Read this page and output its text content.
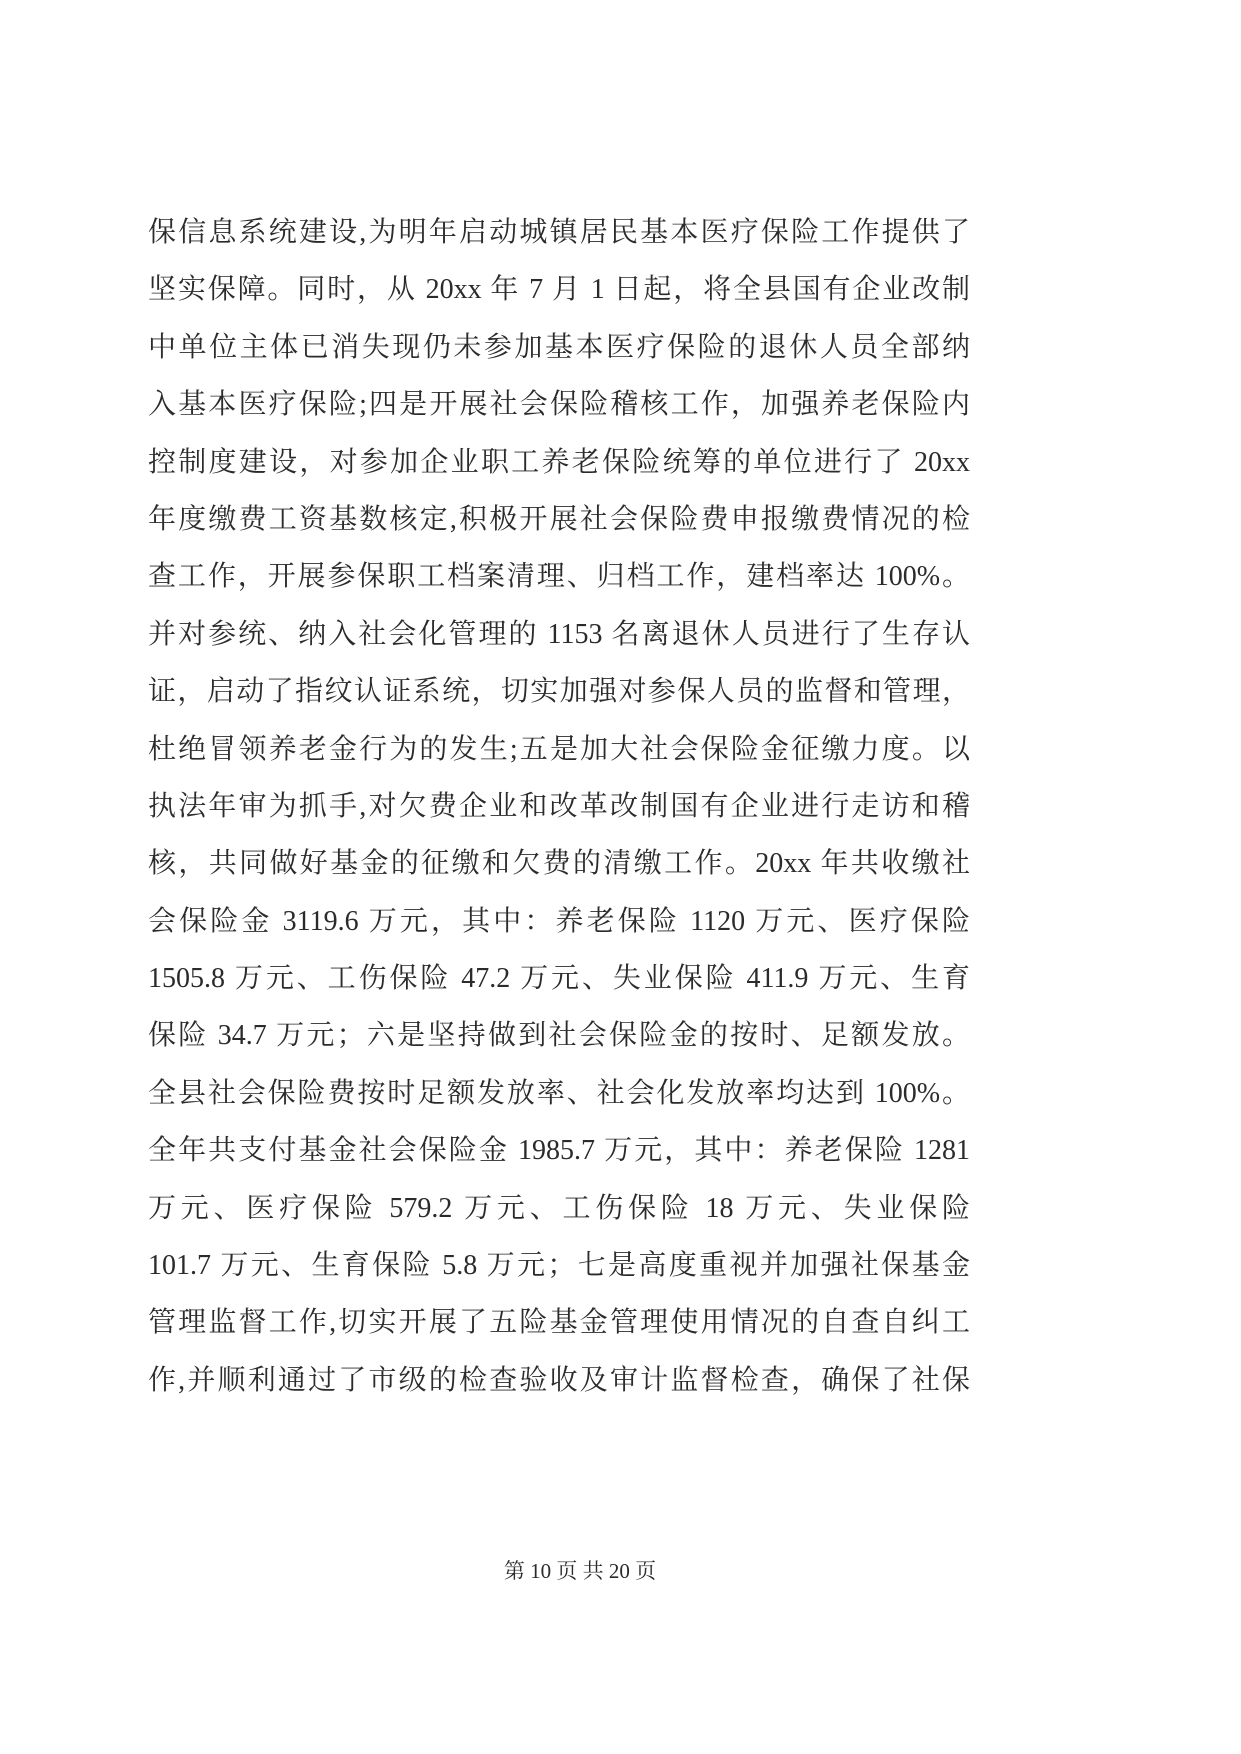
保信息系统建设,为明年启动城镇居民基本医疗保险工作提供了
坚实保障。同时，从 20xx 年 7 月 1 日起，将全县国有企业改制
中单位主体已消失现仍未参加基本医疗保险的退休人员全部纳
入基本医疗保险;四是开展社会保险稽核工作，加强养老保险内
控制度建设，对参加企业职工养老保险统筹的单位进行了 20xx
年度缴费工资基数核定,积极开展社会保险费申报缴费情况的检
查工作，开展参保职工档案清理、归档工作，建档率达 100%。
并对参统、纳入社会化管理的 1153 名离退休人员进行了生存认
证，启动了指纹认证系统，切实加强对参保人员的监督和管理，
杜绝冒领养老金行为的发生;五是加大社会保险金征缴力度。以
执法年审为抓手,对欠费企业和改革改制国有企业进行走访和稽
核，共同做好基金的征缴和欠费的清缴工作。20xx 年共收缴社
会保险金 3119.6 万元，其中：养老保险 1120 万元、医疗保险
1505.8 万元、工伤保险 47.2 万元、失业保险 411.9 万元、生育
保险 34.7 万元；六是坚持做到社会保险金的按时、足额发放。
全县社会保险费按时足额发放率、社会化发放率均达到 100%。
全年共支付基金社会保险金 1985.7 万元，其中：养老保险 1281
万元、医疗保险 579.2 万元、工伤保险 18 万元、失业保险
101.7 万元、生育保险 5.8 万元；七是高度重视并加强社保基金
管理监督工作,切实开展了五险基金管理使用情况的自查自纠工
作,并顺利通过了市级的检查验收及审计监督检查，确保了社保
第 10 页 共 20 页
